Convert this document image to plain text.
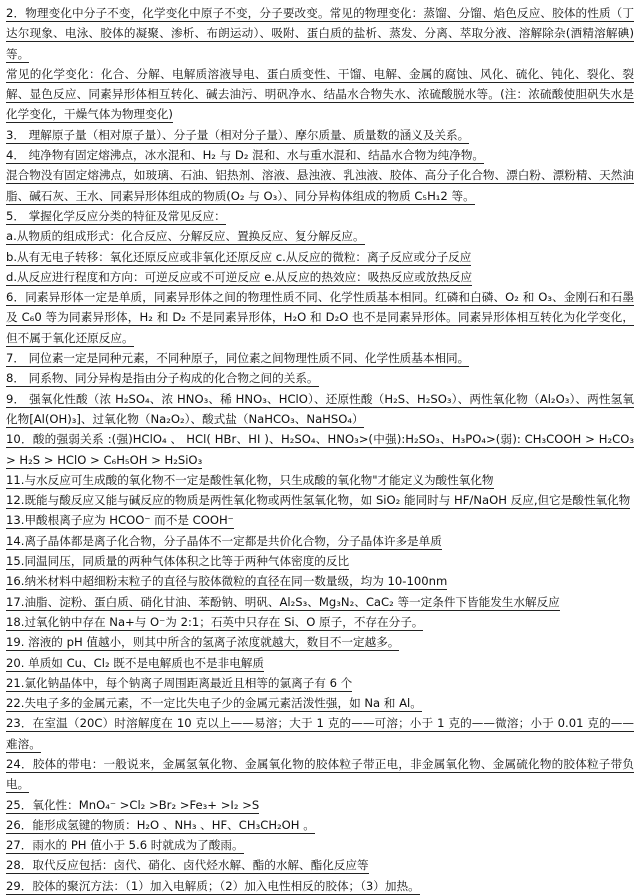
2．物理变化中分子不变，化学变化中原子不变，分子要改变。常见的物理变化：蒸馏、分馏、焰色反应、胶体的性质（丁达尔现象、电泳、胶体的凝聚、渗析、布朗运动）、吸附、蛋白质的盐析、蒸发、分离、萃取分液、溶解除杂(酒精溶解碘)等。
常见的化学变化：化合、分解、电解质溶液导电、蛋白质变性、干馏、电解、金属的腐蚀、风化、硫化、钝化、裂化、裂解、显色反应、同素异形体相互转化、碱去油污、明矾净水、结晶水合物失水、浓硫酸脱水等。(注：浓硫酸使胆矾失水是化学变化，干燥气体为物理变化)
3． 理解原子量（相对原子量）、分子量（相对分子量）、摩尔质量、质量数的涵义及关系。
4． 纯净物有固定熔沸点，冰水混和、H₂ 与 D₂ 混和、水与重水混和、结晶水合物为纯净物。
混合物没有固定熔沸点，如玻璃、石油、铝热剂、溶液、悬浊液、乳浊液、胶体、高分子化合物、漂白粉、漂粉精、天然油脂、碱石灰、王水、同素异形体组成的物质(O₂ 与 O₃）、同分异构体组成的物质 C₅H₁2 等。
5． 掌握化学反应分类的特征及常见反应：
a.从物质的组成形式：化合反应、分解反应、置换反应、复分解反应。
b.从有无电子转移：氧化还原反应或非氧化还原反应 c.从反应的微粒：离子反应或分子反应
d.从反应进行程度和方向：可逆反应或不可逆反应 e.从反应的热效应：吸热反应或放热反应
6．同素异形体一定是单质，同素异形体之间的物理性质不同、化学性质基本相同。红磷和白磷、O₂ 和 O₃、金刚石和石墨及 C₆0 等为同素异形体，H₂ 和 D₂ 不是同素异形体，H₂O 和 D₂O 也不是同素异形体。同素异形体相互转化为化学变化，但不属于氧化还原反应。
7． 同位素一定是同种元素，不同种原子，同位素之间物理性质不同、化学性质基本相同。
8． 同系物、同分异构是指由分子构成的化合物之间的关系。
9． 强氧化性酸（浓 H₂SO₄、浓 HNO₃、稀 HNO₃、HClO）、还原性酸（H₂S、H₂SO₃）、两性氧化物（Al₂O₃）、两性氢氧化物[Al(OH)₃]、过氧化物（Na₂O₂）、酸式盐（NaHCO₃、NaHSO₄）
10．酸的强弱关系 :(强)HClO₄ 、 HCl( HBr、HI )、H₂SO₄、HNO₃>(中强):H₂SO₃、H₃PO₄>(弱): CH₃COOH > H₂CO₃ > H₂S > HClO > C₆H₅OH > H₂SiO₃
11.与水反应可生成酸的氧化物不一定是酸性氧化物，只生成酸的氧化物"才能定义为酸性氧化物
12.既能与酸反应又能与碱反应的物质是两性氧化物或两性氢氧化物，如 SiO₂ 能同时与 HF/NaOH 反应,但它是酸性氧化物
13.甲酸根离子应为 HCOO⁻ 而不是 COOH⁻
14.离子晶体都是离子化合物，分子晶体不一定都是共价化合物，分子晶体许多是单质
15.同温同压，同质量的两种气体体积之比等于两种气体密度的反比
16.纳米材料中超细粉末粒子的直径与胶体微粒的直径在同一数量级，均为 10-100nm
17.油脂、淀粉、蛋白质、硝化甘油、苯酚钠、明矾、Al₂S₃、Mg₃N₂、CaC₂ 等一定条件下皆能发生水解反应
18.过氧化钠中存在 Na+与 O⁻为 2:1；石英中只存在 Si、O 原子，不存在分子。
19. 溶液的 pH 值越小，则其中所含的氢离子浓度就越大，数目不一定越多。
20. 单质如 Cu、Cl₂ 既不是电解质也不是非电解质
21.氯化钠晶体中，每个钠离子周围距离最近且相等的氯离子有 6 个
22.失电子多的金属元素，不一定比失电子少的金属元素活泼性强，如 Na 和 Al。
23．在室温（20C）时溶解度在 10 克以上——易溶；大于 1 克的——可溶；小于 1 克的——微溶；小于 0.01 克的——难溶。
24．胶体的带电：一般说来，金属氢氧化物、金属氧化物的胶体粒子带正电，非金属氧化物、金属硫化物的胶体粒子带负电。
25．氧化性：MnO₄⁻ >Cl₂ >Br₂ >Fe₃+ >I₂ >S
26．能形成氢键的物质：H₂O 、NH₃ 、HF、CH₃CH₂OH 。
27．雨水的 PH 值小于 5.6 时就成为了酸雨。
28．取代反应包括：卤代、硝化、卤代烃水解、酯的水解、酯化反应等
29．胶体的聚沉方法：（1）加入电解质；（2）加入电性相反的胶体；（3）加热。
